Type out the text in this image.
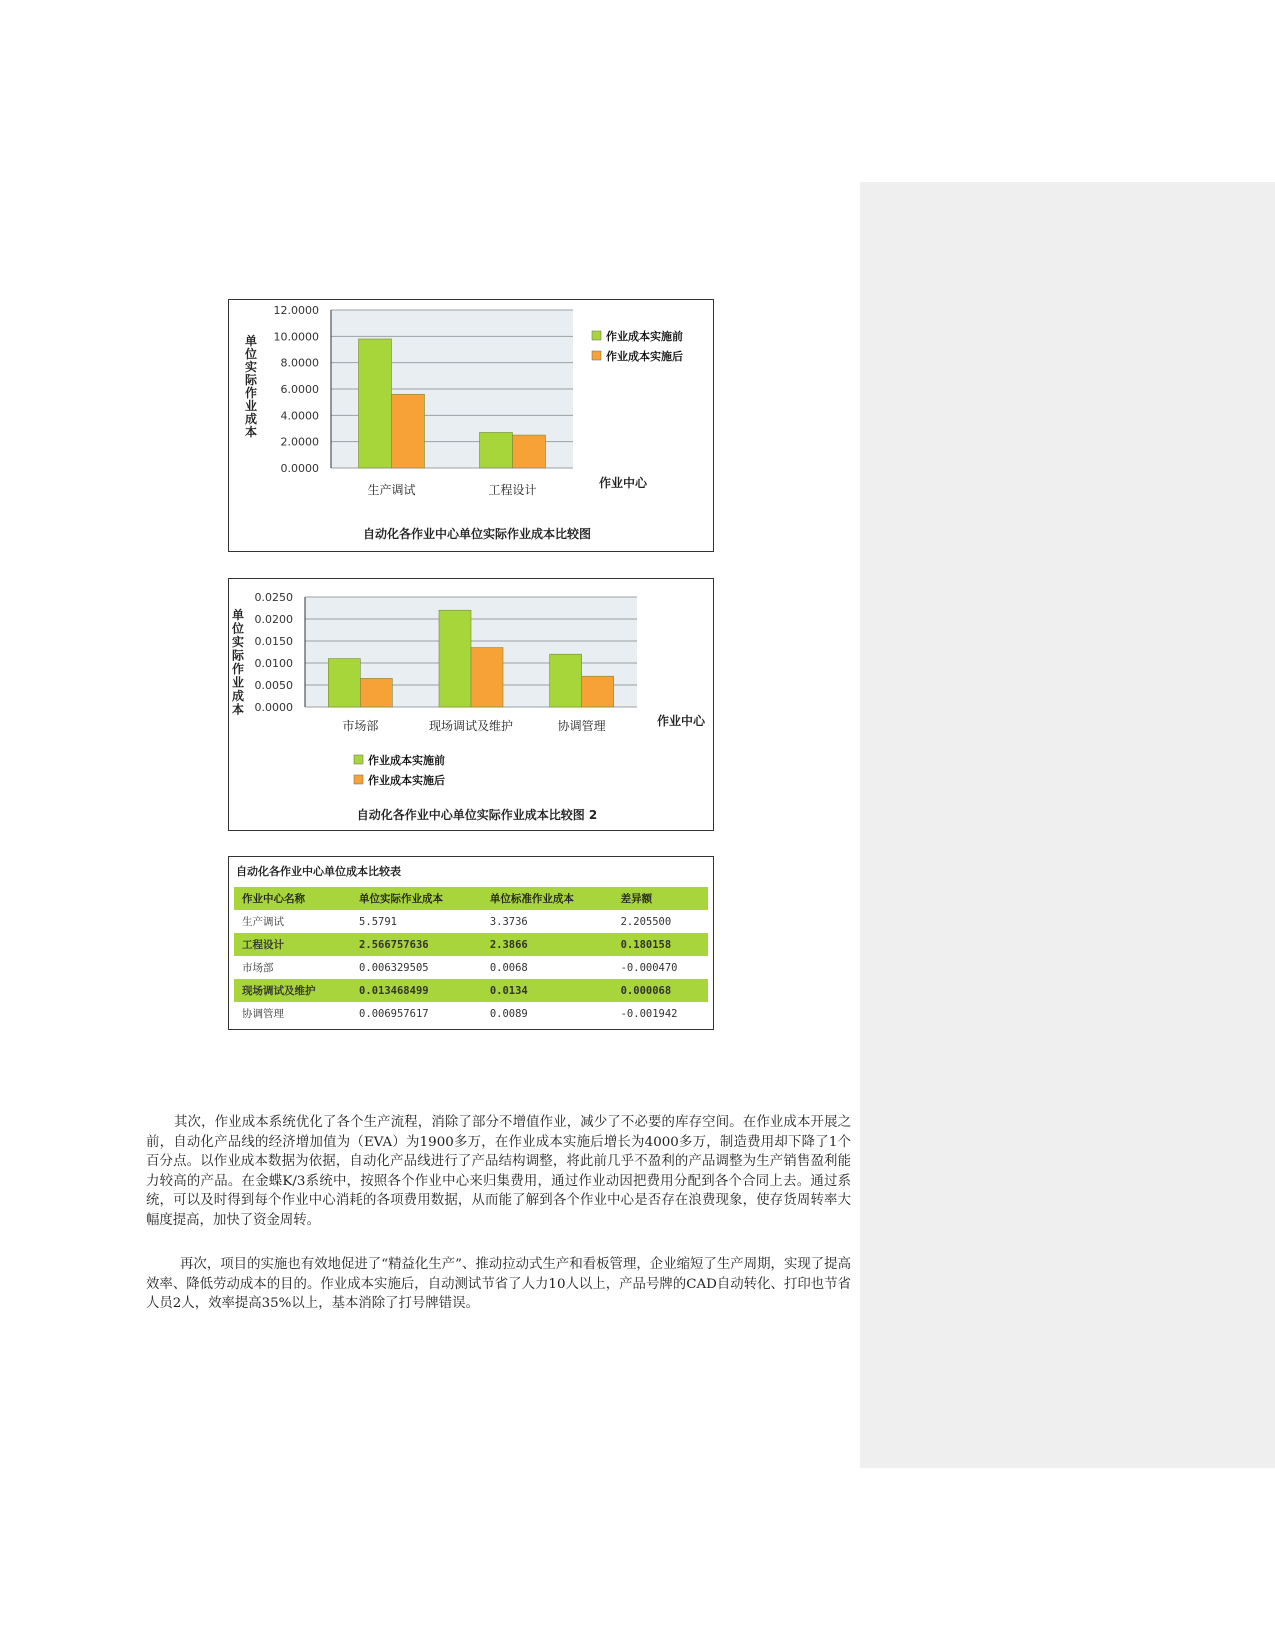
0.0000
2.0000
4.0000
6.0000
8.0000
10.0000
12.0000
生产调试	工程设计
单
位
实
际
作
业
成
本
作业中心
作业成本实施前
作业成本实施后
自动化各作业中心单位实际作业成本比较图
0.0000
0.0050
0.0100
0.0150
0.0200
0.0250
市场部	现场调试及维护	协调管理
单
位
实
际
作
业
成
本
作业中心
作业成本实施前
作业成本实施后
自动化各作业中心单位实际作业成本比较图 2
自动化各作业中心单位成本比较表
作业中心名称	单位实际作业成本	单位标准作业成本	差异额
生产调试	5.5791	3.3736	2.205500
工程设计	2.566757636	2.3866	0.180158
市场部	0.006329505	0.0068	-0.000470
现场调试及维护	0.013468499	0.0134	0.000068
协调管理	0.006957617	0.0089	-0.001942

其次，作业成本系统优化了各个生产流程，消除了部分不增值作业，减少了不必要的库存空间。在作业成本开展之前，自动化产品线的经济增加值为（EVA）为1900多万，在作业成本实施后增长为4000多万，制造费用却下降了1个百分点。以作业成本数据为依据，自动化产品线进行了产品结构调整，将此前几乎不盈利的产品调整为生产销售盈利能力较高的产品。在金蝶K/3系统中，按照各个作业中心来归集费用，通过作业动因把费用分配到各个合同上去。通过系统，可以及时得到每个作业中心消耗的各项费用数据，从而能了解到各个作业中心是否存在浪费现象，使存货周转率大幅度提高，加快了资金周转。

再次，项目的实施也有效地促进了“精益化生产”、推动拉动式生产和看板管理，企业缩短了生产周期，实现了提高效率、降低劳动成本的目的。作业成本实施后，自动测试节省了人力10人以上，产品号牌的CAD自动转化、打印也节省人员2人，效率提高35%以上，基本消除了打号牌错误。
